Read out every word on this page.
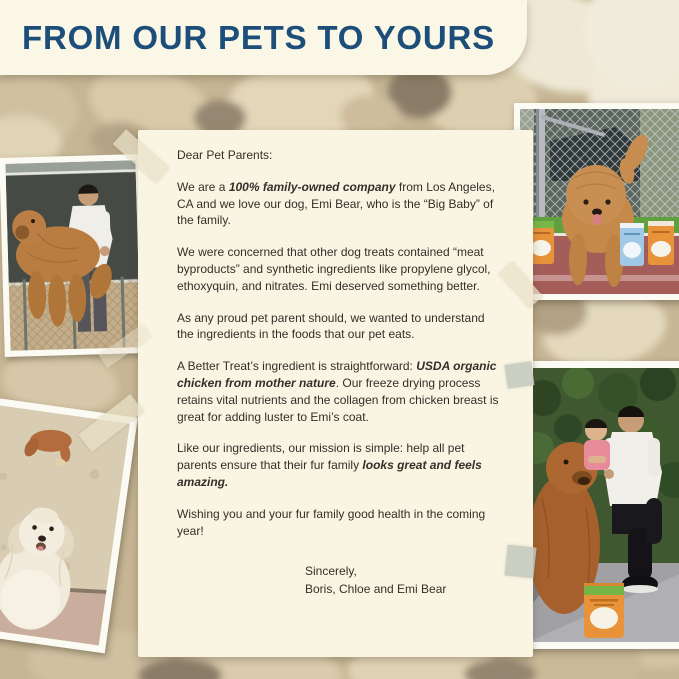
FROM OUR PETS TO YOURS

Dear Pet Parents:

We are a 100% family-owned company from Los Angeles, CA and we love our dog, Emi Bear, who is the “Big Baby” of the family.

We were concerned that other dog treats contained “meat byproducts” and synthetic ingredients like propylene glycol, ethoxyquin, and nitrates. Emi deserved something better.

As any proud pet parent should, we wanted to understand the ingredients in the foods that our pet eats.

A Better Treat’s ingredient is straightforward: USDA organic chicken from mother nature. Our freeze drying process retains vital nutrients and the collagen from chicken breast is great for adding luster to Emi’s coat.

Like our ingredients, our mission is simple: help all pet parents ensure that their fur family looks great and feels amazing.

Wishing you and your fur family good health in the coming year!

Sincerely,
Boris, Chloe and Emi Bear
